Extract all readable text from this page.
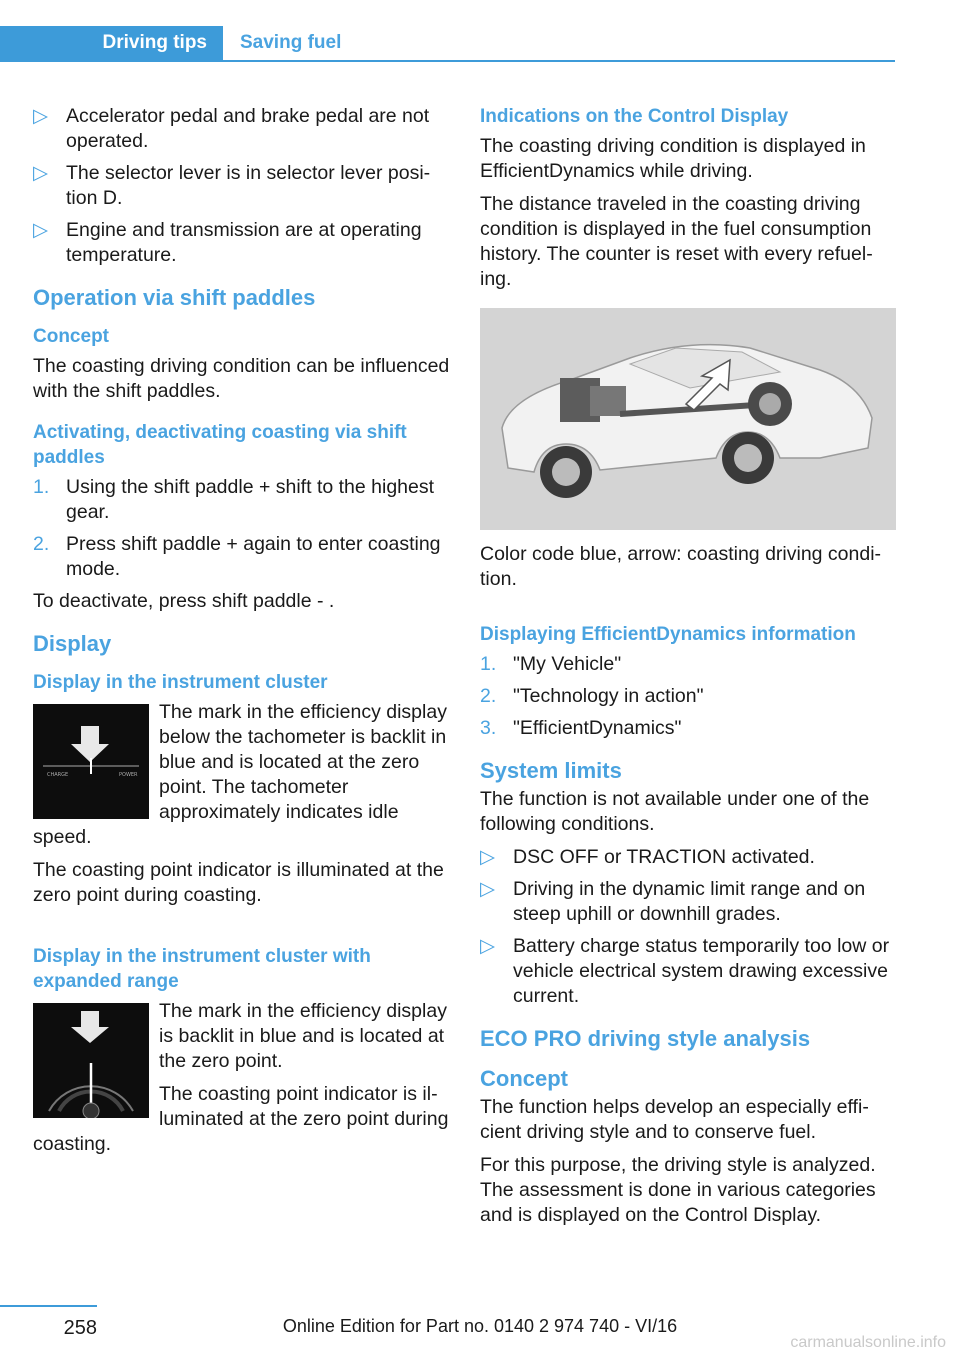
Driving tips	Saving fuel
▷ Accelerator pedal and brake pedal are not operated.
▷ The selector lever is in selector lever position D.
▷ Engine and transmission are at operating temperature.
Operation via shift paddles
Concept

The coasting driving condition can be influenced with the shift paddles.

Activating, deactivating coasting via shift paddles
1. Using the shift paddle + shift to the highest gear.
2. Press shift paddle + again to enter coasting mode.

To deactivate, press shift paddle - .

Display
Display in the instrument cluster
CHARGE	POWER

The mark in the efficiency display below the tachometer is backlit in blue and is located at the zero point. The tachometer approximately indicates idle speed.

The coasting point indicator is illuminated at the zero point during coasting.

Display in the instrument cluster with expanded range

The mark in the efficiency display is backlit in blue and is located at the zero point.

The coasting point indicator is illuminated at the zero point during coasting.

Indications on the Control Display

The coasting driving condition is displayed in EfficientDynamics while driving.

The distance traveled in the coasting driving condition is displayed in the fuel consumption history. The counter is reset with every refueling.

Color code blue, arrow: coasting driving condition.

Displaying EfficientDynamics information
1. "My Vehicle"
2. "Technology in action"
3. "EfficientDynamics"
System limits

The function is not available under one of the following conditions.

▷ DSC OFF or TRACTION activated.
▷ Driving in the dynamic limit range and on steep uphill or downhill grades.
▷ Battery charge status temporarily too low or vehicle electrical system drawing excessive current.
ECO PRO driving style analysis
Concept

The function helps develop an especially efficient driving style and to conserve fuel.

For this purpose, the driving style is analyzed. The assessment is done in various categories and is displayed on the Control Display.

258	Online Edition for Part no. 0140 2 974 740 - VI/16
carmanualsonline.info
